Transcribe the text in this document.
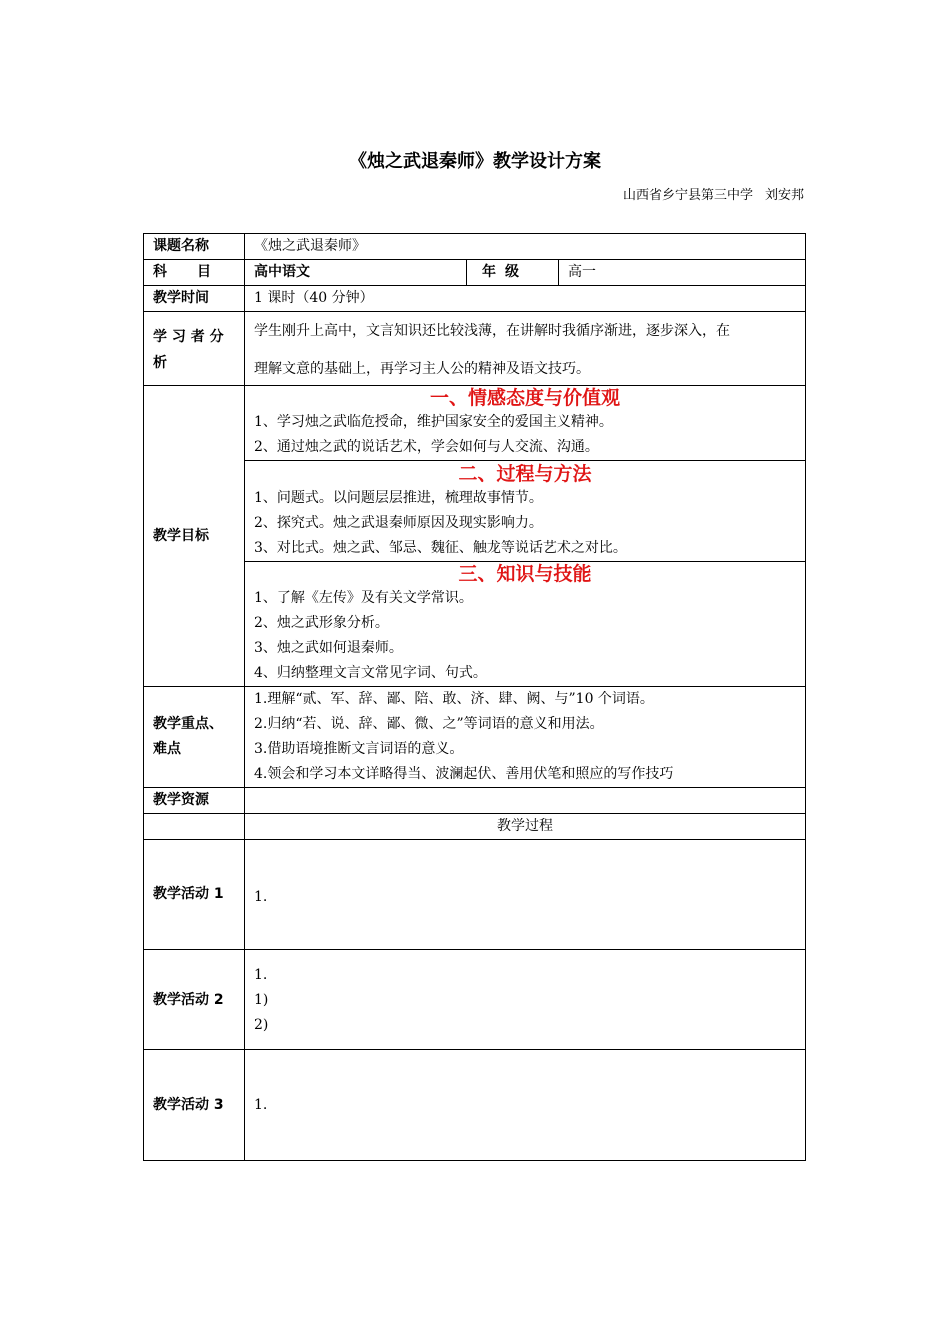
《烛之武退秦师》教学设计方案
山西省乡宁县第三中学 刘安邦
课题名称	《烛之武退秦师》		

科 目	高中语文	年 级	高一
教学时间	1 课时（40 分钟）		

学 习 者 分
析	学生刚升上高中，文言知识还比较浅薄，在讲解时我循序渐进，逐步深入，在
理解文意的基础上，再学习主人公的精神及语文技巧。		

教学目标	一、情感态度与价值观
1、学习烛之武临危授命，维护国家安全的爱国主义精神。
2、通过烛之武的说话艺术，学会如何与人交流、沟通。		

	二、过程与方法
1、问题式。以问题层层推进，梳理故事情节。
2、探究式。烛之武退秦师原因及现实影响力。
3、对比式。烛之武、邹忌、魏征、触龙等说话艺术之对比。		

	三、知识与技能
1、了解《左传》及有关文学常识。
2、烛之武形象分析。
3、烛之武如何退秦师。
4、归纳整理文言文常见字词、句式。		

教学重点、
难点	1.理解“贰、军、辞、鄙、陪、敢、济、肆、阙、与”10 个词语。
2.归纳“若、说、辞、鄙、微、之”等词语的意义和用法。
3.借助语境推断文言词语的意义。
4.领会和学习本文详略得当、波澜起伏、善用伏笔和照应的写作技巧		

教学资源			
	教学过程		
教学活动 1	1.		

教学活动 2	1.
1)
2)		

教学活动 3	1.		
